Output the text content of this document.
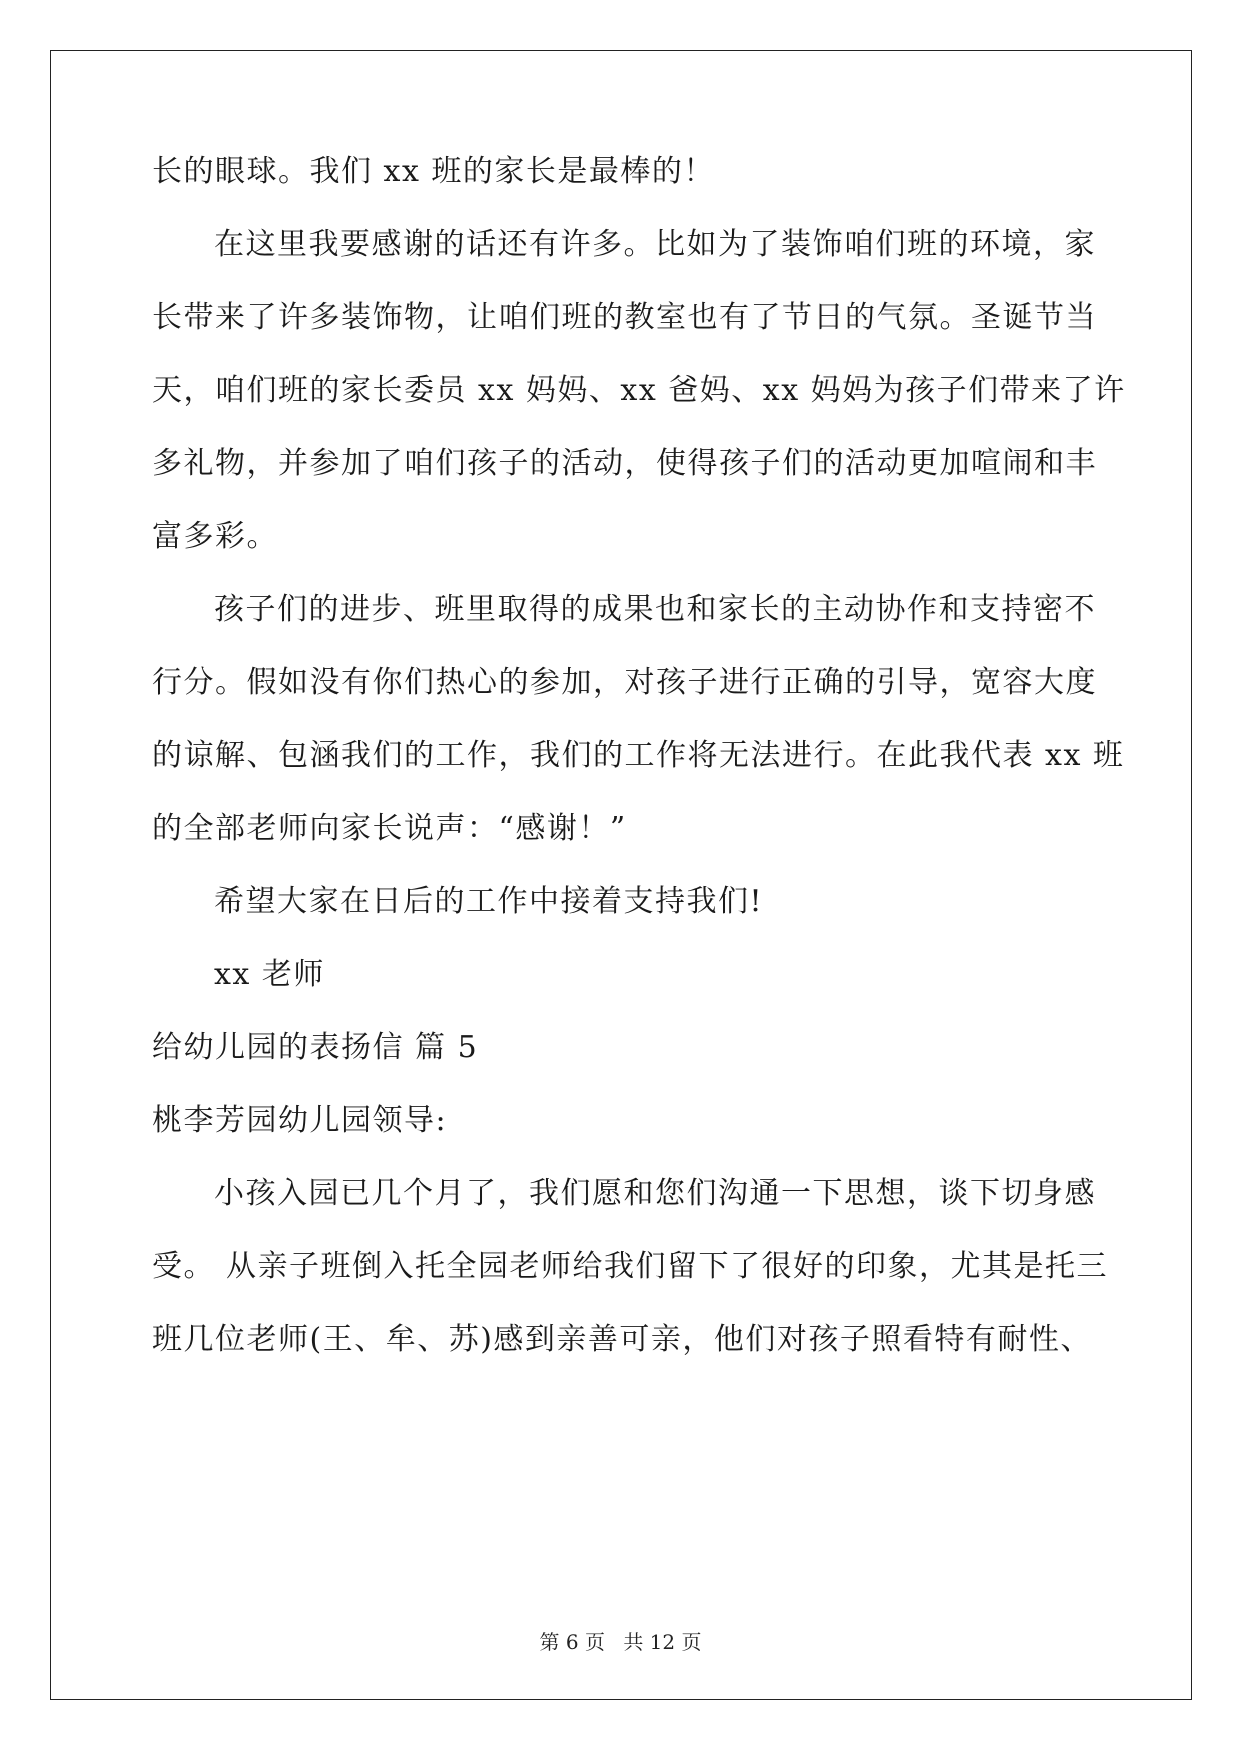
长的眼球。我们 xx 班的家长是最棒的！
在这里我要感谢的话还有许多。比如为了装饰咱们班的环境，家
长带来了许多装饰物，让咱们班的教室也有了节日的气氛。圣诞节当
天，咱们班的家长委员 xx 妈妈、xx 爸妈、xx 妈妈为孩子们带来了许
多礼物，并参加了咱们孩子的活动，使得孩子们的活动更加喧闹和丰
富多彩。
孩子们的进步、班里取得的成果也和家长的主动协作和支持密不
行分。假如没有你们热心的参加，对孩子进行正确的引导，宽容大度
的谅解、包涵我们的工作，我们的工作将无法进行。在此我代表 xx 班
的全部老师向家长说声：“感谢！”
希望大家在日后的工作中接着支持我们!
xx 老师
给幼儿园的表扬信 篇 5
桃李芳园幼儿园领导:
小孩入园已几个月了，我们愿和您们沟通一下思想，谈下切身感
受。 从亲子班倒入托全园老师给我们留下了很好的印象，尤其是托三
班几位老师(王、牟、苏)感到亲善可亲，他们对孩子照看特有耐性、
第 6 页 共 12 页
